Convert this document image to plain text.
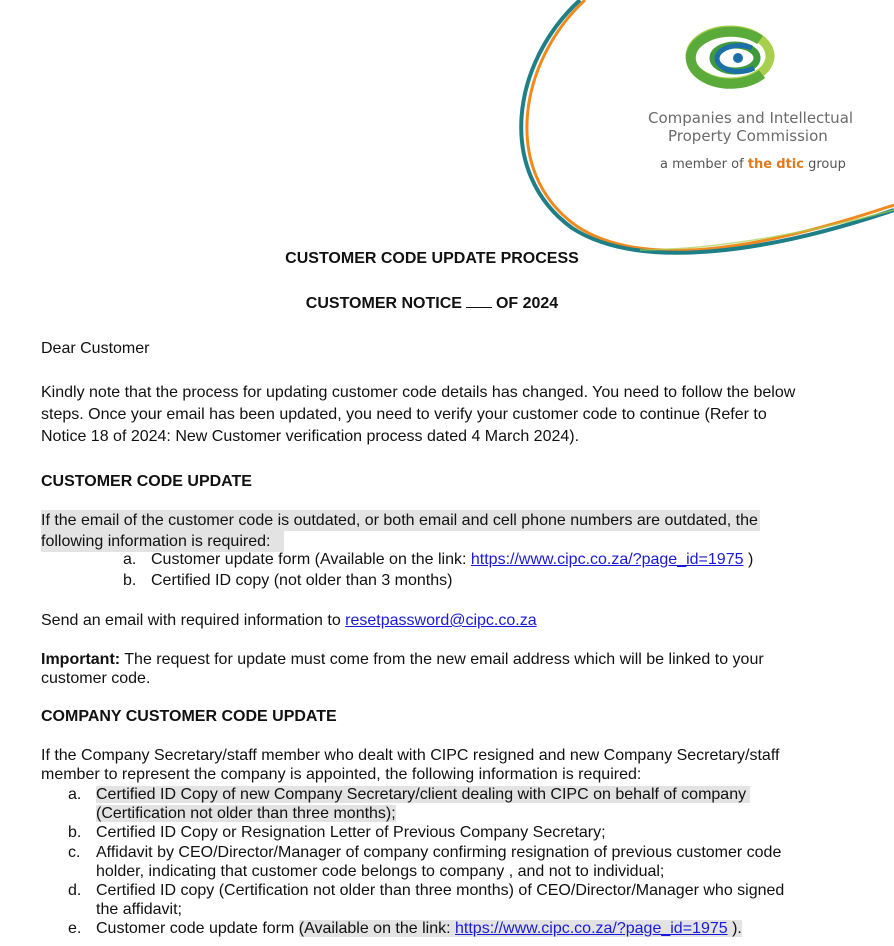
Companies and Intellectual
Property Commission
a member of the dtic group
CUSTOMER CODE UPDATE PROCESS
CUSTOMER NOTICE OF 2024
Dear Customer
Kindly note that the process for updating customer code details has changed. You need to follow the below
steps. Once your email has been updated, you need to verify your customer code to continue (Refer to
Notice 18 of 2024: New Customer verification process dated 4 March 2024).
CUSTOMER CODE UPDATE
If the email of the customer code is outdated, or both email and cell phone numbers are outdated, the
following information is required:
a. Customer update form (Available on the link: https://www.cipc.co.za/?page_id=1975 )
b. Certified ID copy (not older than 3 months)
Send an email with required information to resetpassword@cipc.co.za
Important: The request for update must come from the new email address which will be linked to your
customer code.
COMPANY CUSTOMER CODE UPDATE
If the Company Secretary/staff member who dealt with CIPC resigned and new Company Secretary/staff
member to represent the company is appointed, the following information is required:
a. Certified ID Copy of new Company Secretary/client dealing with CIPC on behalf of company
(Certification not older than three months);
b. Certified ID Copy or Resignation Letter of Previous Company Secretary;
c. Affidavit by CEO/Director/Manager of company confirming resignation of previous customer code
holder, indicating that customer code belongs to company , and not to individual;
d. Certified ID copy (Certification not older than three months) of CEO/Director/Manager who signed
the affidavit;
e. Customer code update form (Available on the link: https://www.cipc.co.za/?page_id=1975 ).
